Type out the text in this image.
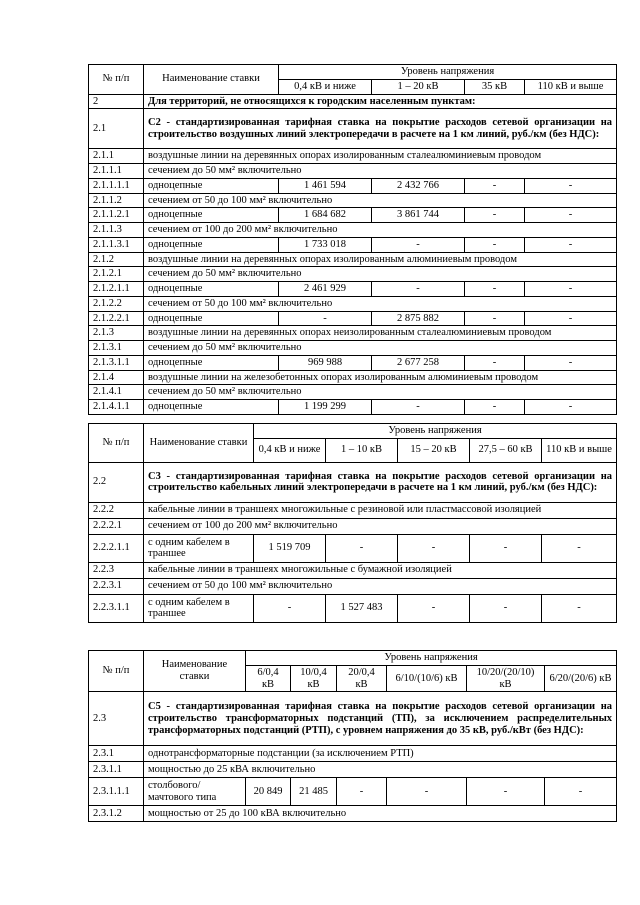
№ п/п	Наименование ставки	Уровень напряжения			
		0,4 кВ и ниже	1 – 20 кВ	35 кВ	110 кВ и выше
2	Для территорий, не относящихся к городским населенным пунктам:				
2.1	С2 - стандартизированная тарифная ставка на покрытие расходов сетевой организации на строительство воздушных линий электропередачи в расчете на 1 км линий, руб./км (без НДС):				
2.1.1	воздушные линии на деревянных опорах изолированным сталеалюминиевым проводом				
2.1.1.1	сечением до 50 мм² включительно				
2.1.1.1.1	одноцепные	1 461 594	2 432 766	-	-
2.1.1.2	сечением от 50 до 100 мм² включительно				
2.1.1.2.1	одноцепные	1 684 682	3 861 744	-	-
2.1.1.3	сечением от 100 до 200 мм² включительно				
2.1.1.3.1	одноцепные	1 733 018	-	-	-
2.1.2	воздушные линии на деревянных опорах изолированным алюминиевым проводом				
2.1.2.1	сечением до 50 мм² включительно				
2.1.2.1.1	одноцепные	2 461 929	-	-	-
2.1.2.2	сечением от 50 до 100 мм² включительно				
2.1.2.2.1	одноцепные	-	2 875 882	-	-
2.1.3	воздушные линии на деревянных опорах неизолированным сталеалюминиевым проводом				
2.1.3.1	сечением до 50 мм² включительно				
2.1.3.1.1	одноцепные	969 988	2 677 258	-	-
2.1.4	воздушные линии на железобетонных опорах изолированным алюминиевым проводом				
2.1.4.1	сечением до 50 мм² включительно				
2.1.4.1.1	одноцепные	1 199 299	-	-	-
№ п/п	Наименование ставки	Уровень напряжения				
		0,4 кВ и ниже	1 – 10 кВ	15 – 20 кВ	27,5 – 60 кВ	110 кВ и выше
2.2	С3 - стандартизированная тарифная ставка на покрытие расходов сетевой организации на строительство кабельных линий электропередачи в расчете на 1 км линий, руб./км (без НДС):					
2.2.2	кабельные линии в траншеях многожильные с резиновой или пластмассовой изоляцией					
2.2.2.1	сечением от 100 до 200 мм² включительно					
2.2.2.1.1	с одним кабелем в траншее	1 519 709	-	-	-	-
2.2.3	кабельные линии в траншеях многожильные с бумажной изоляцией					
2.2.3.1	сечением от 50 до 100 мм² включительно					
2.2.3.1.1	с одним кабелем в траншее	-	1 527 483	-	-	-
№ п/п	Наименование ставки	Уровень напряжения					
		6/0,4 кВ	10/0,4 кВ	20/0,4 кВ	6/10/(10/6) кВ	10/20/(20/10) кВ	6/20/(20/6) кВ
2.3	С5 - стандартизированная тарифная ставка на покрытие расходов сетевой организации на строительство трансформаторных подстанций (ТП), за исключением распределительных трансформаторных подстанций (РТП), с уровнем напряжения до 35 кВ, руб./кВт (без НДС):						
2.3.1	однотрансформаторные подстанции (за исключением РТП)						
2.3.1.1	мощностью до 25 кВА включительно						
2.3.1.1.1	столбового/ мачтового типа	20 849	21 485	-	-	-	-
2.3.1.2	мощностью от 25 до 100 кВА включительно						
